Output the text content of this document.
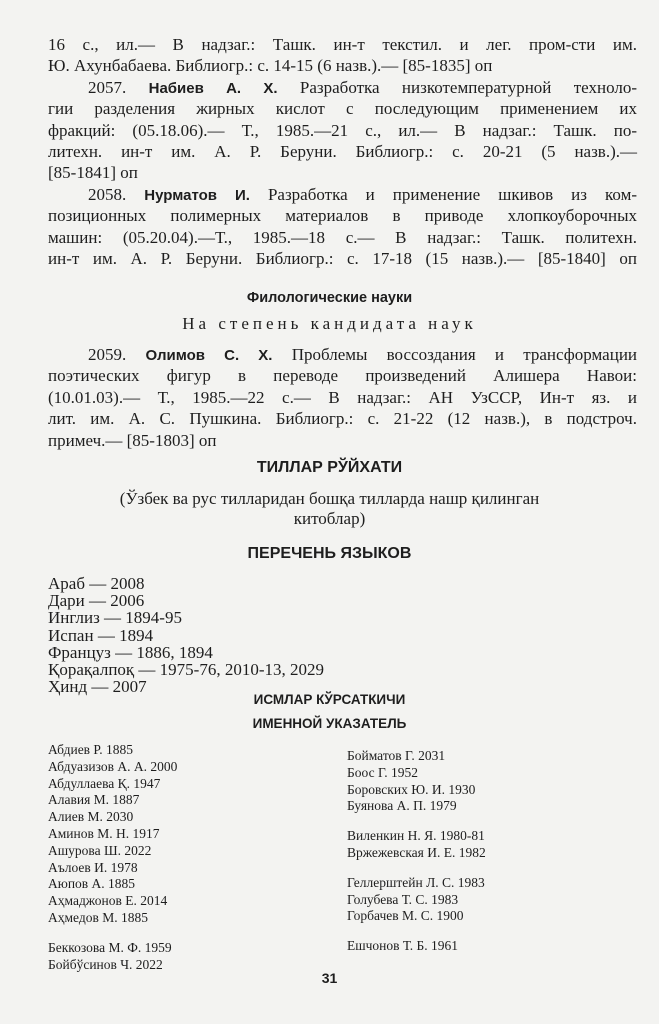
16 с., ил.— В надзаг.: Ташк. ин-т текстил. и лег. пром-сти им.
Ю. Ахунбабаева. Библиогр.: с. 14-15 (6 назв.).— [85-1835] оп
2057. Набиев А. Х. Разработка низкотемпературной техноло-
гии разделения жирных кислот с последующим применением их
фракций: (05.18.06).— Т., 1985.—21 с., ил.— В надзаг.: Ташк. по-
литехн. ин-т им. А. Р. Беруни. Библиогр.: с. 20-21 (5 назв.).—
[85-1841] оп
2058. Нурматов И. Разработка и применение шкивов из ком-
позиционных полимерных материалов в приводе хлопкоуборочных
машин: (05.20.04).—Т., 1985.—18 с.— В надзаг.: Ташк. политехн.
ин-т им. А. Р. Беруни. Библиогр.: с. 17-18 (15 назв.).— [85-1840] оп
Филологические науки
На степень кандидата наук
2059. Олимов С. Х. Проблемы воссоздания и трансформации
поэтических фигур в переводе произведений Алишера Навои:
(10.01.03).— Т., 1985.—22 с.— В надзаг.: АН УзССР, Ин-т яз. и
лит. им. А. С. Пушкина. Библиогр.: с. 21-22 (12 назв.), в подстроч.
примеч.— [85-1803] оп
ТИЛЛАР РЎЙХАТИ
(Ўзбек ва рус тилларидан бошқа тилларда нашр қилинган
китоблар)
ПЕРЕЧЕНЬ ЯЗЫКОВ
Араб — 2008
Дари — 2006
Инглиз — 1894-95
Испан — 1894
Француз — 1886, 1894
Қорақалпоқ — 1975-76, 2010-13, 2029
Ҳинд — 2007
ИСМЛАР КЎРСАТКИЧИ
ИМЕННОЙ УКАЗАТЕЛЬ
Абдиев Р. 1885
Абдуазизов А. А. 2000
Абдуллаева Қ. 1947
Алавия М. 1887
Алиев М. 2030
Аминов М. Н. 1917
Ашурова Ш. 2022
Аълоев И. 1978
Аюпов А. 1885
Аҳмаджонов Е. 2014
Аҳмедов М. 1885
Беккозова М. Ф. 1959
Бойбўсинов Ч. 2022
Бойматов Г. 2031
Боос Г. 1952
Боровских Ю. И. 1930
Буянова А. П. 1979
Виленкин Н. Я. 1980-81
Вржежевская И. Е. 1982
Геллерштейн Л. С. 1983
Голубева Т. С. 1983
Горбачев М. С. 1900
Ешчонов Т. Б. 1961
31
